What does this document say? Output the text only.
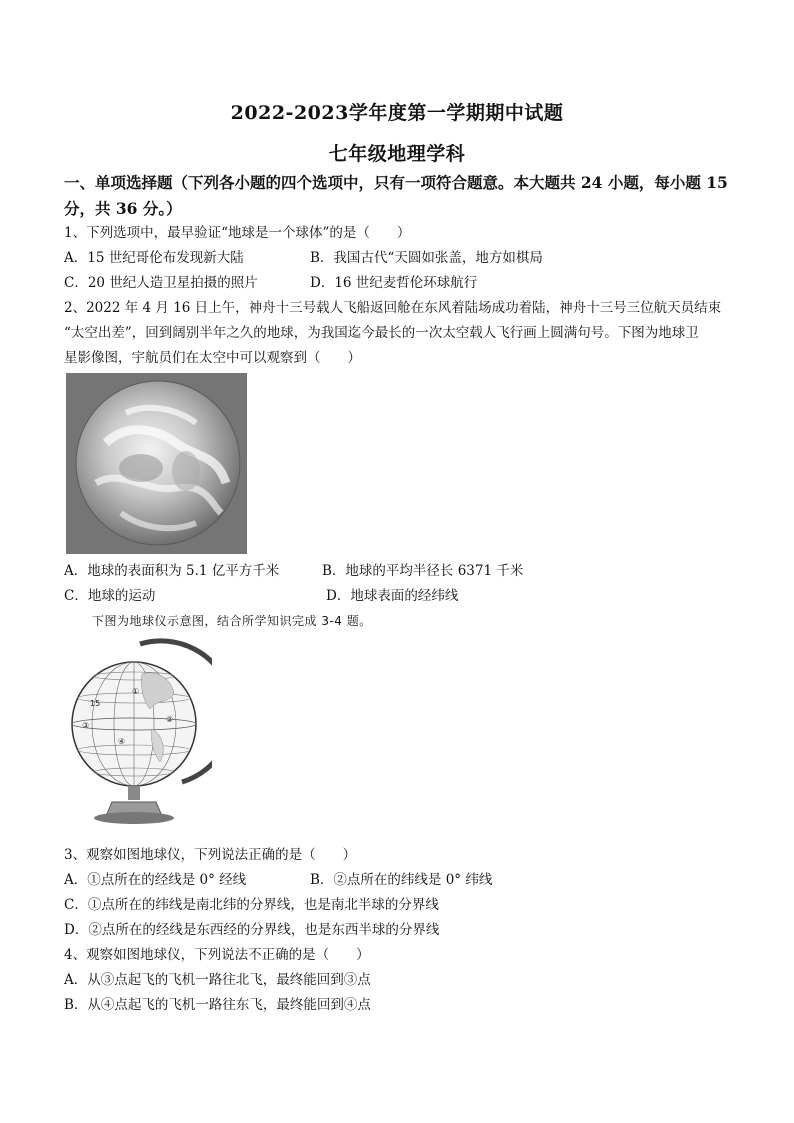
2022-2023学年度第一学期期中试题
七年级地理学科
一、单项选择题（下列各小题的四个选项中，只有一项符合题意。本大题共 24 小题，每小题 15
分，共 36 分。）
1、下列选项中，最早验证“地球是一个球体”的是（　　）
A．15 世纪哥伦布发现新大陆	B．我国古代“天圆如张盖，地方如棋局
C．20 世纪人造卫星拍摄的照片	D．16 世纪麦哲伦环球航行
2、2022 年 4 月 16 日上午，神舟十三号载人飞船返回舱在东风着陆场成功着陆，神舟十三号三位航天员结束
“太空出差”，回到阔别半年之久的地球，为我国迄今最长的一次太空载人飞行画上圆满句号。下图为地球卫
星影像图，宇航员们在太空中可以观察到（　　）
A．地球的表面积为 5.1 亿平方千米	B．地球的平均半径长 6371 千米
C．地球的运动	D．地球表面的经纬线
下图为地球仪示意图，结合所学知识完成 3-4 题。
15
③
②
④
①
3、观察如图地球仪，下列说法正确的是（　　）
A．①点所在的经线是 0° 经线	B．②点所在的纬线是 0° 纬线
C．①点所在的纬线是南北纬的分界线，也是南北半球的分界线
D．②点所在的经线是东西经的分界线，也是东西半球的分界线
4、观察如图地球仪，下列说法不正确的是（　　）
A．从③点起飞的飞机一路往北飞，最终能回到③点
B．从④点起飞的飞机一路往东飞，最终能回到④点
